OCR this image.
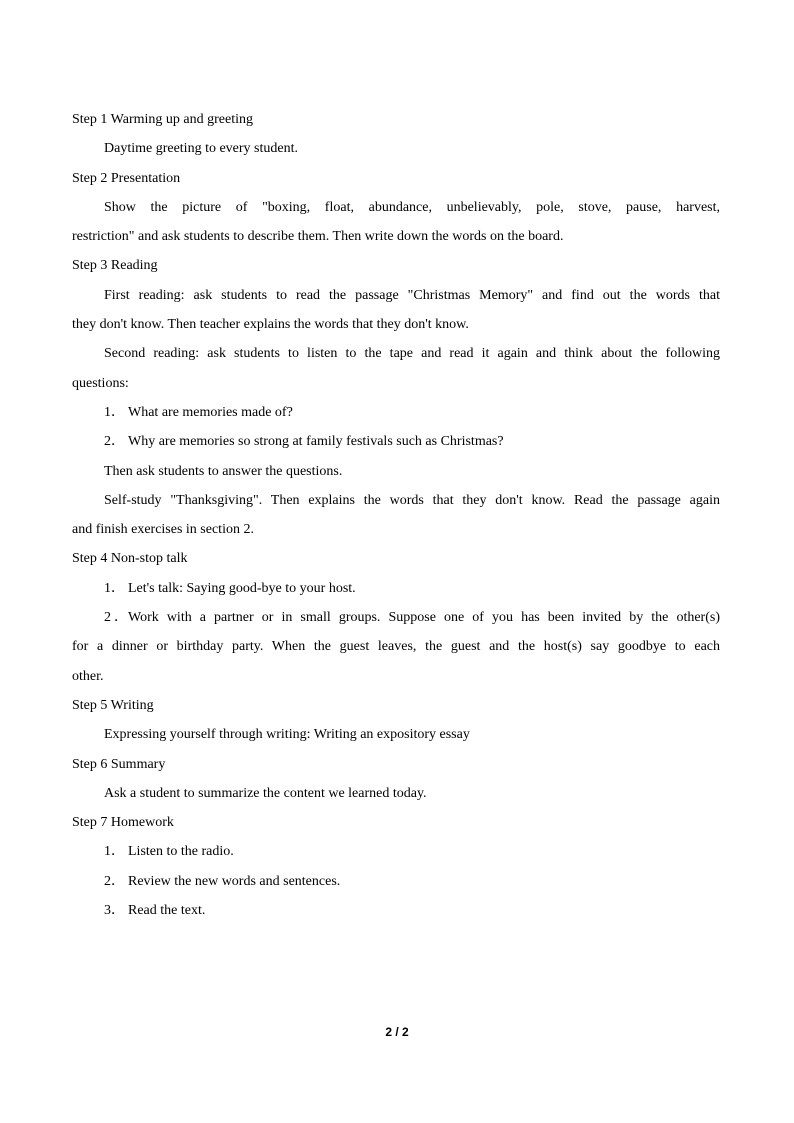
Step 1 Warming up and greeting
Daytime greeting to every student.
Step 2 Presentation
Show the picture of "boxing, float, abundance, unbelievably, pole, stove, pause, harvest,
restriction" and ask students to describe them. Then write down the words on the board.
Step 3 Reading
First reading: ask students to read the passage "Christmas Memory" and find out the words that
they don't know. Then teacher explains the words that they don't know.
Second reading: ask students to listen to the tape and read it again and think about the following
questions:
1． What are memories made of?
2． Why are memories so strong at family festivals such as Christmas?
Then ask students to answer the questions.
Self-study "Thanksgiving". Then explains the words that they don't know. Read the passage again
and finish exercises in section 2.
Step 4 Non-stop talk
1． Let's talk: Saying good-bye to your host.
2．Work with a partner or in small groups. Suppose one of you has been invited by the other(s)
for a dinner or birthday party. When the guest leaves, the guest and the host(s) say goodbye to each
other.
Step 5 Writing
Expressing yourself through writing: Writing an expository essay
Step 6 Summary
Ask a student to summarize the content we learned today.
Step 7 Homework
1． Listen to the radio.
2． Review the new words and sentences.
3． Read the text.
2 / 2
